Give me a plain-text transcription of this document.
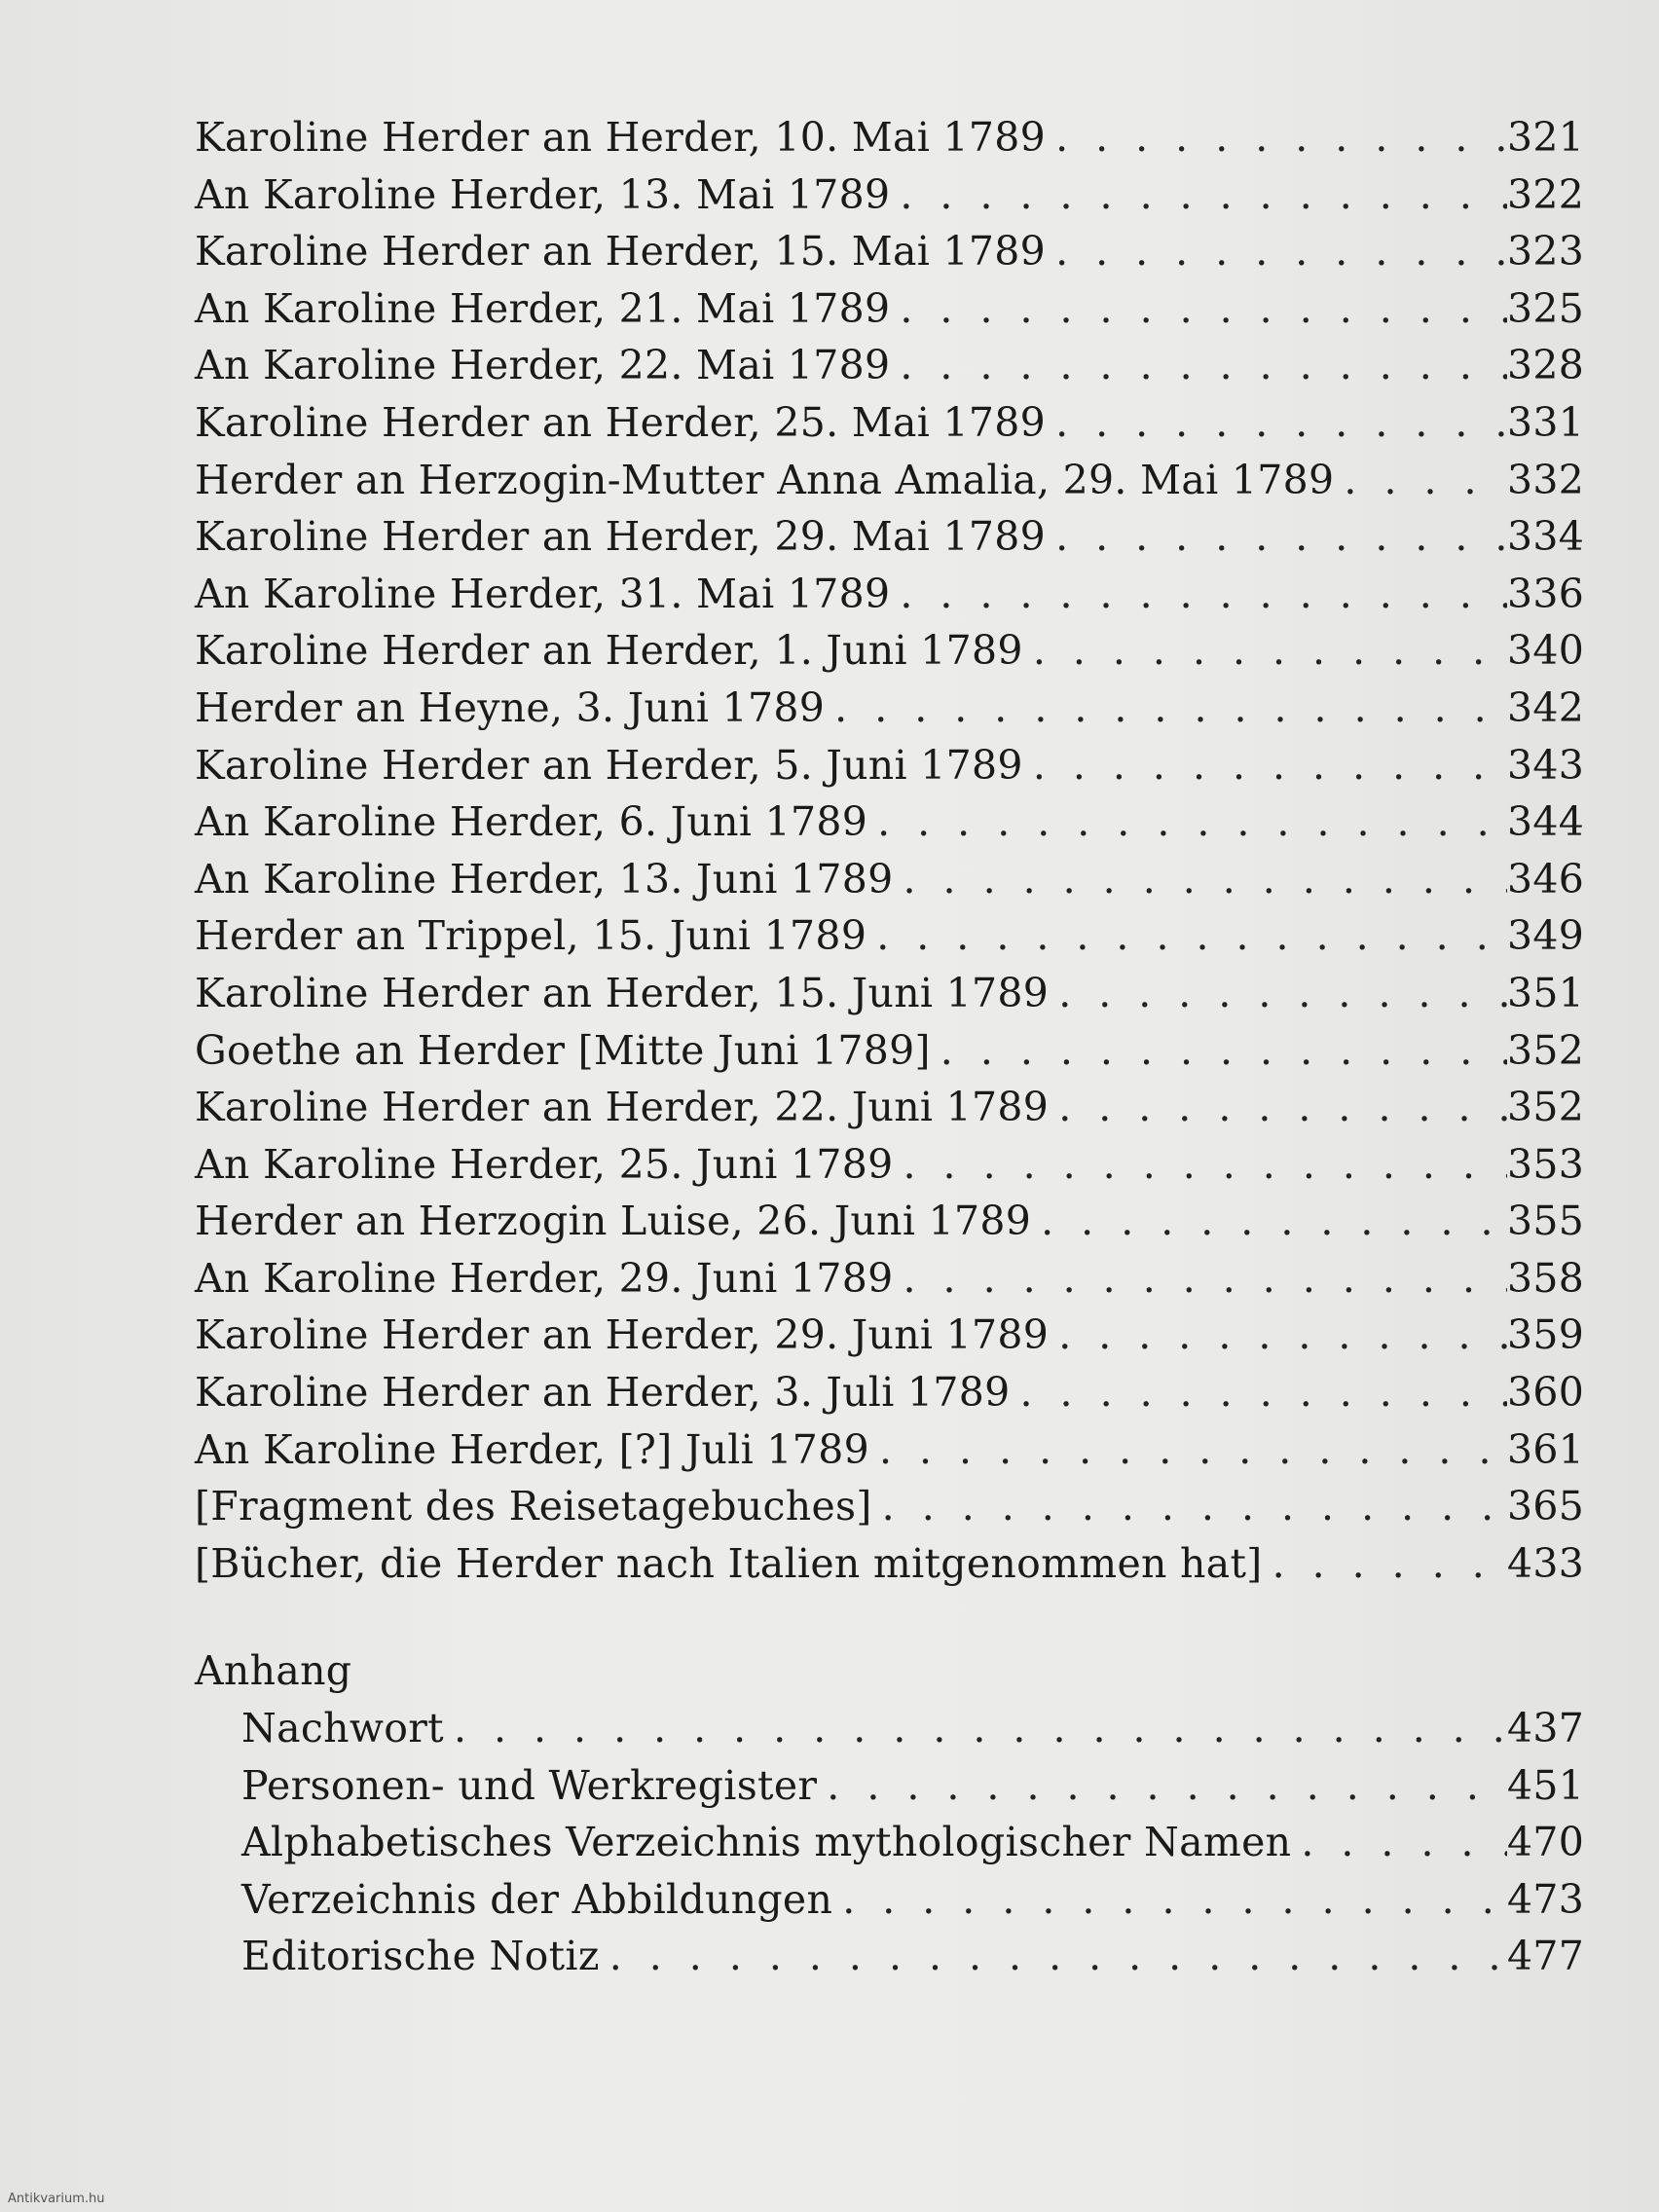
Karoline Herder an Herder, 10. Mai 1789 .....	321
An Karoline Herder, 13. Mai 1789 .....	322
Karoline Herder an Herder, 15. Mai 1789 .....	323
An Karoline Herder, 21. Mai 1789 .....	325
An Karoline Herder, 22. Mai 1789 .....	328
Karoline Herder an Herder, 25. Mai 1789 .....	331
Herder an Herzogin-Mutter Anna Amalia, 29. Mai 1789 .....	332
Karoline Herder an Herder, 29. Mai 1789 .....	334
An Karoline Herder, 31. Mai 1789 .....	336
Karoline Herder an Herder, 1. Juni 1789 .....	340
Herder an Heyne, 3. Juni 1789 .....	342
Karoline Herder an Herder, 5. Juni 1789 .....	343
An Karoline Herder, 6. Juni 1789 .....	344
An Karoline Herder, 13. Juni 1789 .....	346
Herder an Trippel, 15. Juni 1789 .....	349
Karoline Herder an Herder, 15. Juni 1789 .....	351
Goethe an Herder [Mitte Juni 1789] .....	352
Karoline Herder an Herder, 22. Juni 1789 .....	352
An Karoline Herder, 25. Juni 1789 .....	353
Herder an Herzogin Luise, 26. Juni 1789 .....	355
An Karoline Herder, 29. Juni 1789 .....	358
Karoline Herder an Herder, 29. Juni 1789 .....	359
Karoline Herder an Herder, 3. Juli 1789 .....	360
An Karoline Herder, [?] Juli 1789 .....	361
[Fragment des Reisetagebuches] .....	365
[Bücher, die Herder nach Italien mitgenommen hat] .....	433
Anhang
Nachwort .....	437
Personen- und Werkregister .....	451
Alphabetisches Verzeichnis mythologischer Namen .....	470
Verzeichnis der Abbildungen .....	473
Editorische Notiz .....	477
Antikvarium.hu
